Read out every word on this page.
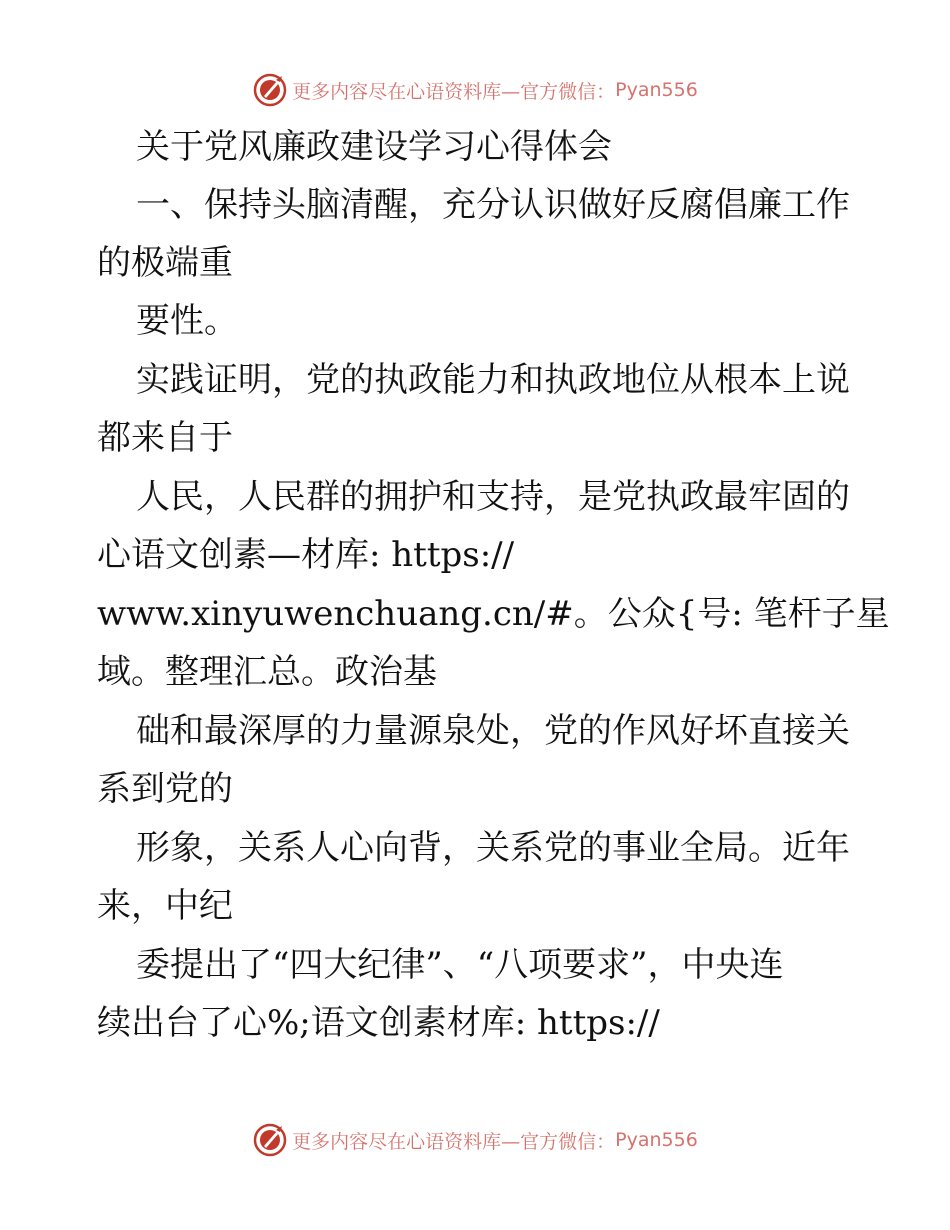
更多内容尽在心语资料库—官方微信： Pyan556
关于党风廉政建设学习心得体会
一、保持头脑清醒，充分认识做好反腐倡廉工作
的极端重
要性。
实践证明，党的执政能力和执政地位从根本上说
都来自于
人民，人民群的拥护和支持，是党执政最牢固的
心语文创素—材库: https://
www.xinyuwenchuang.cn/#。公众{号: 笔杆子星
域。整理汇总。政治基
础和最深厚的力量源泉处，党的作风好坏直接关
系到党的
形象，关系人心向背，关系党的事业全局。近年
来，中纪
委提出了“四大纪律”、“八项要求”，中央连
续出台了心%;语文创素材库: https://
更多内容尽在心语资料库—官方微信： Pyan556
